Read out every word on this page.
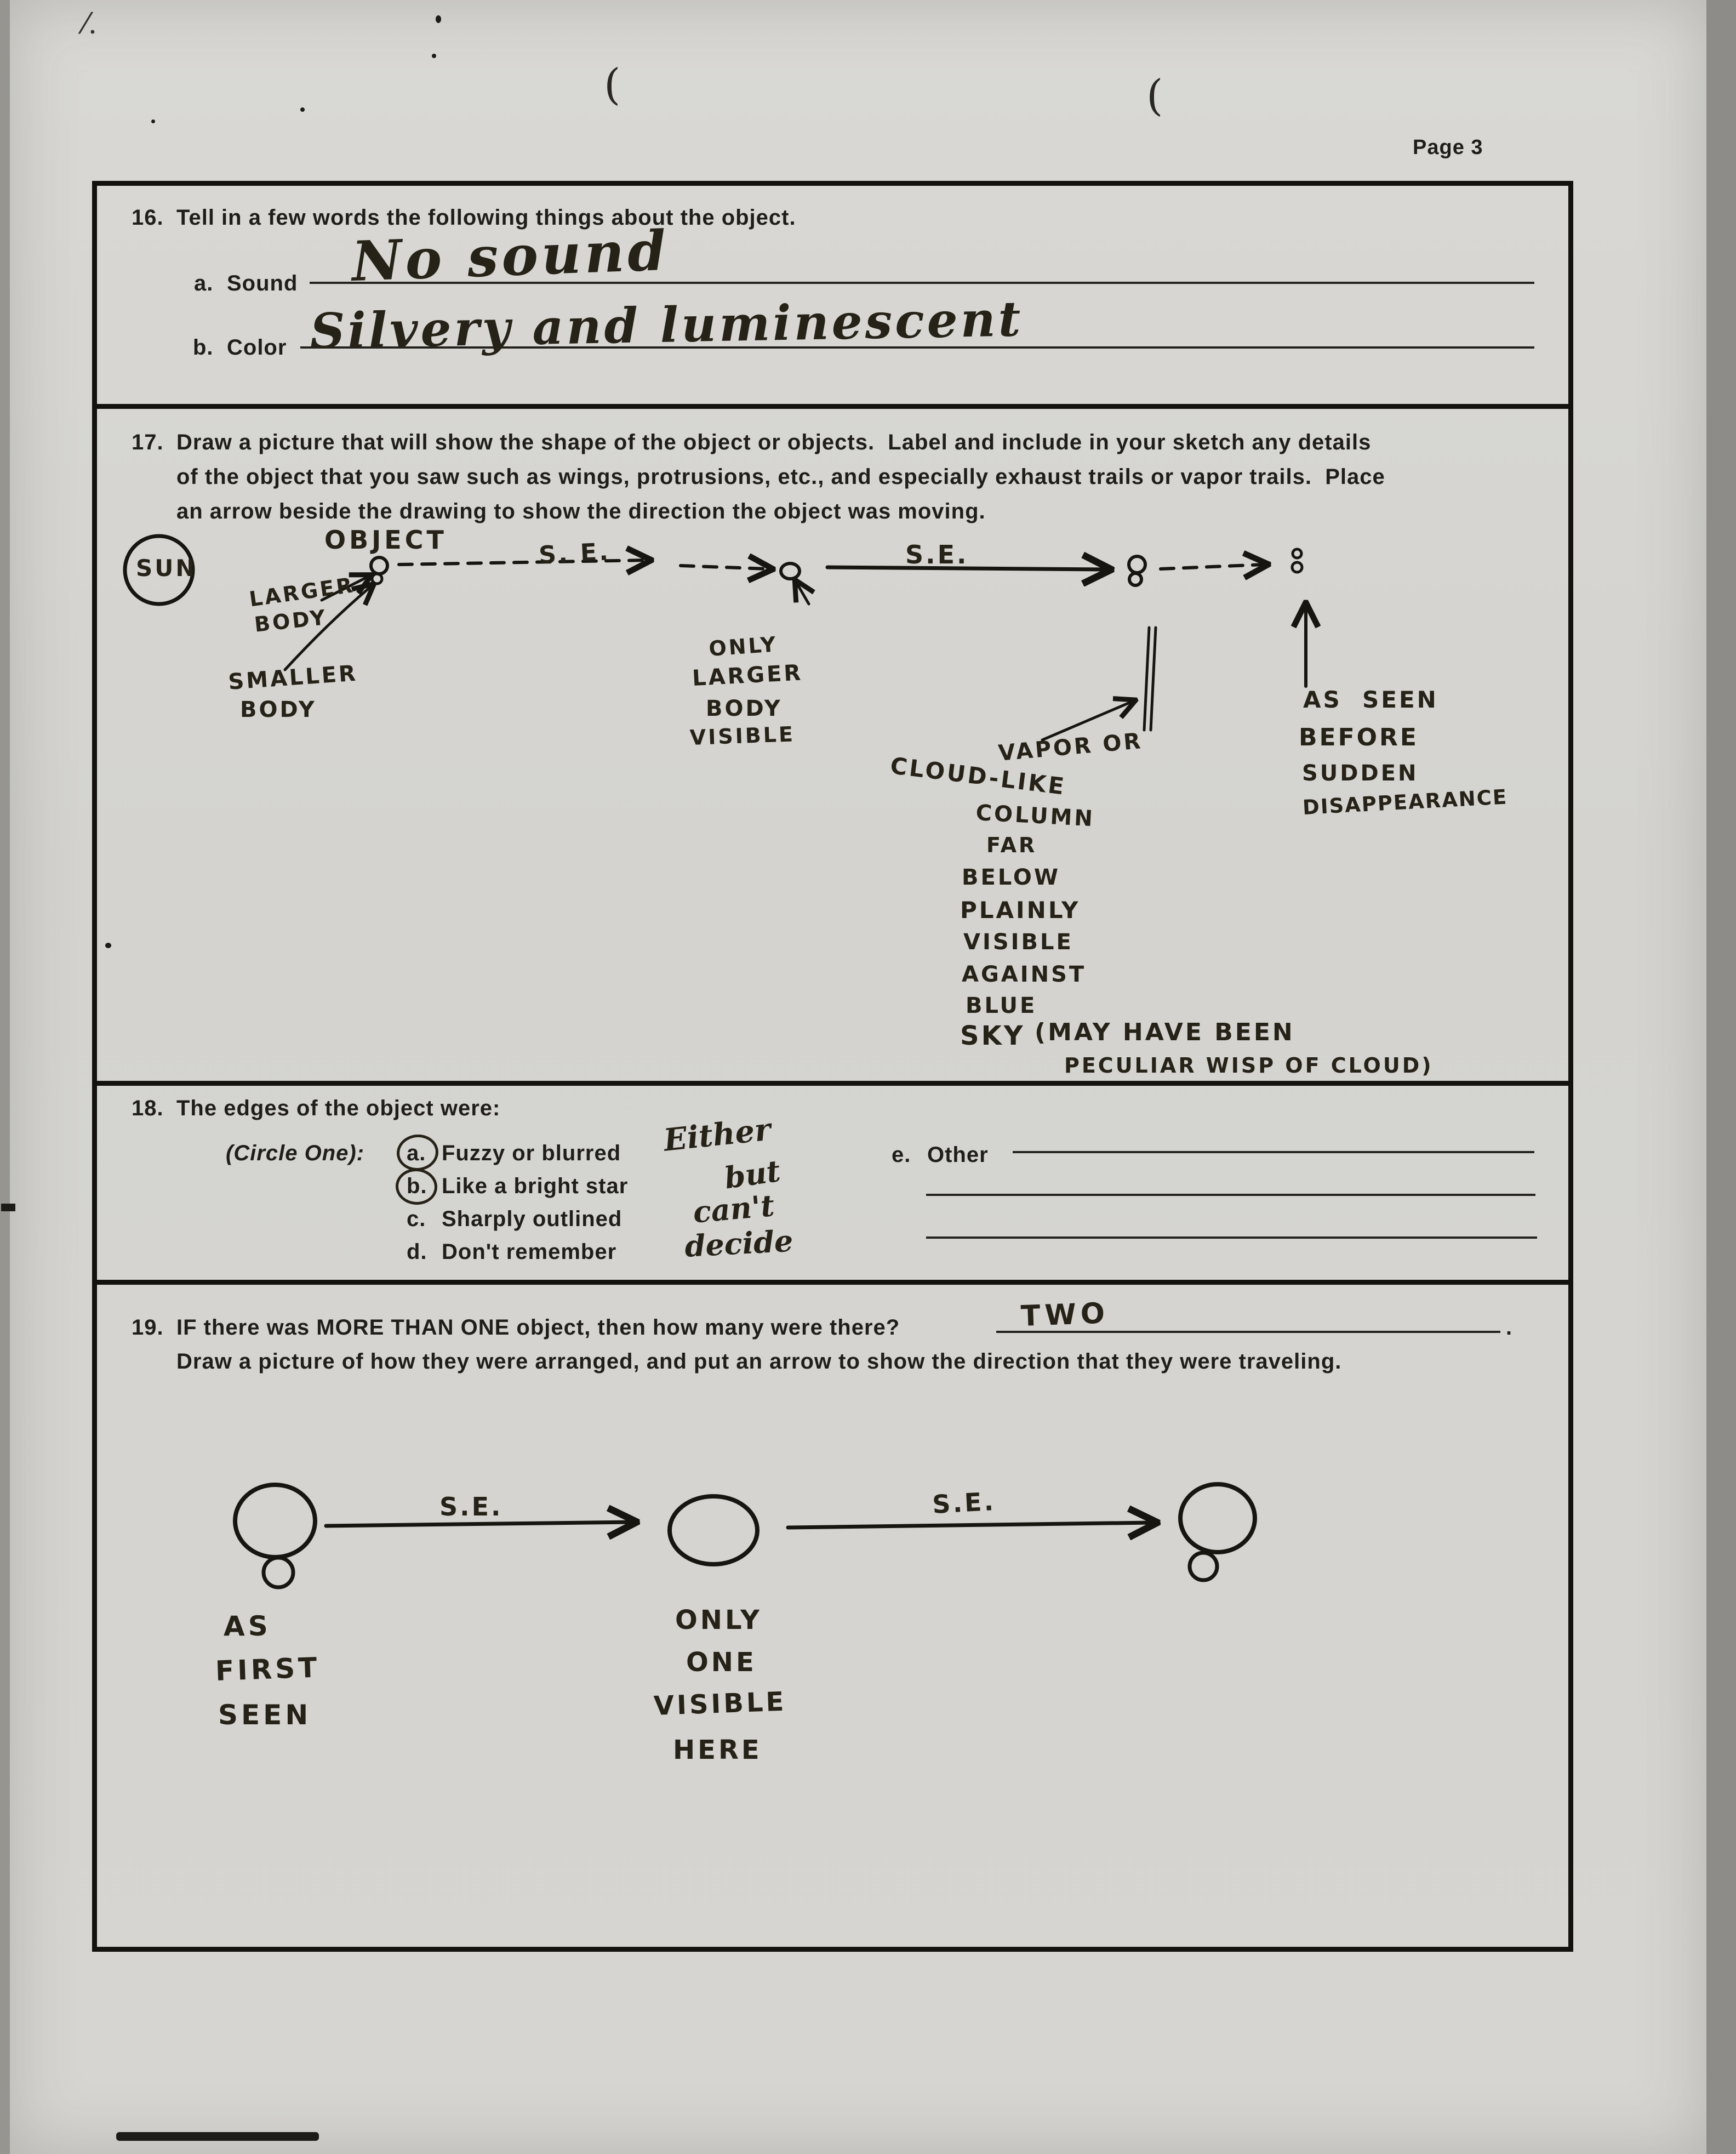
(	(
⁄.
Page 3
16. Tell in a few words the following things about the object.
a. Sound No sound
b. Color Silvery and luminescent
17. Draw a picture that will show the shape of the object or objects.  Label and include in your sketch any details
of the object that you saw such as wings, protrusions, etc., and especially exhaust trails or vapor trails.  Place
an arrow beside the drawing to show the direction the object was moving.
SUN
OBJECT
LARGER
BODY
SMALLER
BODY
S. E.
ONLY
LARGER
BODY
VISIBLE
S.E.
VAPOR OR
CLOUD-LIKE
COLUMN
FAR
BELOW
PLAINLY
VISIBLE
AGAINST
BLUE
SKY (MAY HAVE BEEN
PECULIAR WISP OF CLOUD)
AS  SEEN
BEFORE
SUDDEN
DISAPPEARANCE
18. The edges of the object were:
(Circle One): a. Fuzzy or blurred
b. Like a bright star
c. Sharply outlined
d. Don't remember
Either
but
can't
decide
e. Other
19. IF there was MORE THAN ONE object, then how many were there?	TWO	.
Draw a picture of how they were arranged, and put an arrow to show the direction that they were traveling.
S.E.	S.E.
AS
FIRST
SEEN
ONLY
ONE
VISIBLE
HERE
